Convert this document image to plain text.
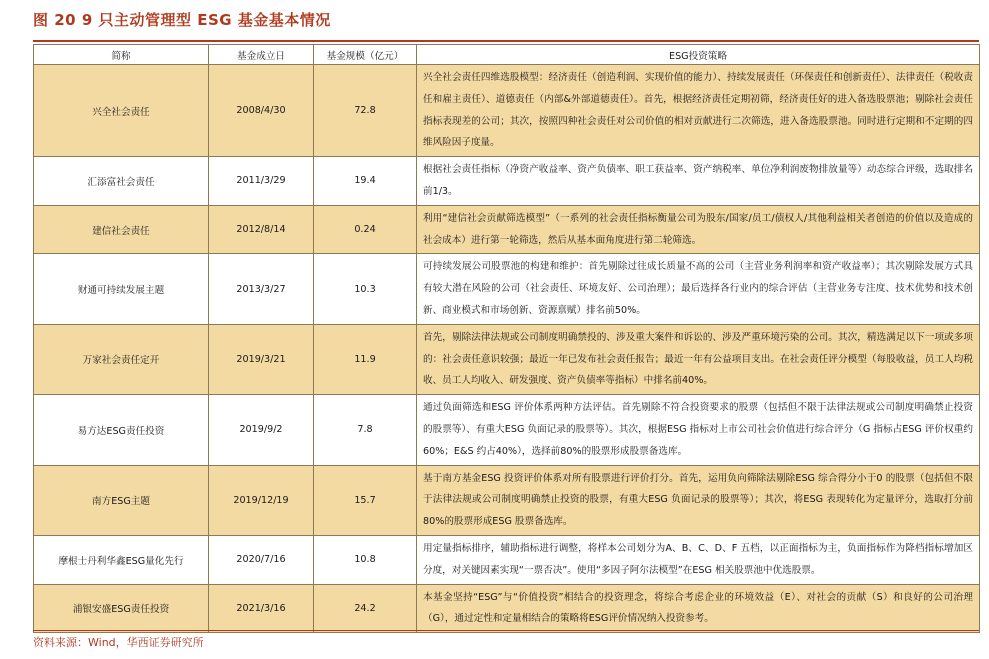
图 20 9 只主动管理型 ESG 基金基本情况
简称	基金成立日	基金规模（亿元）	ESG投资策略
兴全社会责任	2008/4/30	72.8	兴全社会责任四维选股模型：经济责任（创造利润、实现价值的能力）、持续发展责任（环保责任和创新责任）、法律责任（税收责任和雇主责任）、道德责任（内部&外部道德责任）。首先，根据经济责任定期初筛，经济责任好的进入备选股票池；剔除社会责任指标表现差的公司；其次，按照四种社会责任对公司价值的相对贡献进行二次筛选，进入备选股票池。同时进行定期和不定期的四维风险因子度量。
汇添富社会责任	2011/3/29	19.4	根据社会责任指标（净资产收益率、资产负债率、职工获益率、资产纳税率、单位净利润废物排放量等）动态综合评级，选取排名前1/3。
建信社会责任	2012/8/14	0.24	利用“建信社会贡献筛选模型”（一系列的社会责任指标衡量公司为股东/国家/员工/债权人/其他利益相关者创造的价值以及造成的社会成本）进行第一轮筛选，然后从基本面角度进行第二轮筛选。
财通可持续发展主题	2013/3/27	10.3	可持续发展公司股票池的构建和维护：首先剔除过往成长质量不高的公司（主营业务利润率和资产收益率）；其次剔除发展方式具有较大潜在风险的公司（社会责任、环境友好、公司治理）；最后选择各行业内的综合评估（主营业务专注度、技术优势和技术创新、商业模式和市场创新、资源禀赋）排名前50%。
万家社会责任定开	2019/3/21	11.9	首先，剔除法律法规或公司制度明确禁投的、涉及重大案件和诉讼的、涉及严重环境污染的公司。其次，精选满足以下一项或多项的：社会责任意识较强；最近一年已发布社会责任报告；最近一年有公益项目支出。在社会责任评分模型（每股收益，员工人均税收、员工人均收入、研发强度、资产负债率等指标）中排名前40%。
易方达ESG责任投资	2019/9/2	7.8	通过负面筛选和ESG 评价体系两种方法评估。首先剔除不符合投资要求的股票（包括但不限于法律法规或公司制度明确禁止投资的股票等）、有重大ESG 负面记录的股票等）。其次，根据ESG 指标对上市公司社会价值进行综合评分（G 指标占ESG 评价权重约60%；E&S 约占40%），选择前80%的股票形成股票备选库。
南方ESG主题	2019/12/19	15.7	基于南方基金ESG 投资评价体系对所有股票进行评价打分。首先，运用负向筛除法剔除ESG 综合得分小于0 的股票（包括但不限于法律法规或公司制度明确禁止投资的股票，有重大ESG 负面记录的股票等）；其次，将ESG 表现转化为定量评分，选取打分前80%的股票形成ESG 股票备选库。
摩根士丹利华鑫ESG量化先行	2020/7/16	10.8	用定量指标排序，辅助指标进行调整，将样本公司划分为A、B、C、D、F 五档，以正面指标为主，负面指标作为降档指标增加区分度，对关键因素实现“一票否决”。使用“多因子阿尔法模型”在ESG 相关股票池中优选股票。
浦银安盛ESG责任投资	2021/3/16	24.2	本基金坚持“ESG”与“价值投资”相结合的投资理念，将综合考虑企业的环境效益（E）、对社会的贡献（S）和良好的公司治理（G），通过定性和定量相结合的策略将ESG评价情况纳入投资参考。
资料来源：Wind，华西证券研究所
